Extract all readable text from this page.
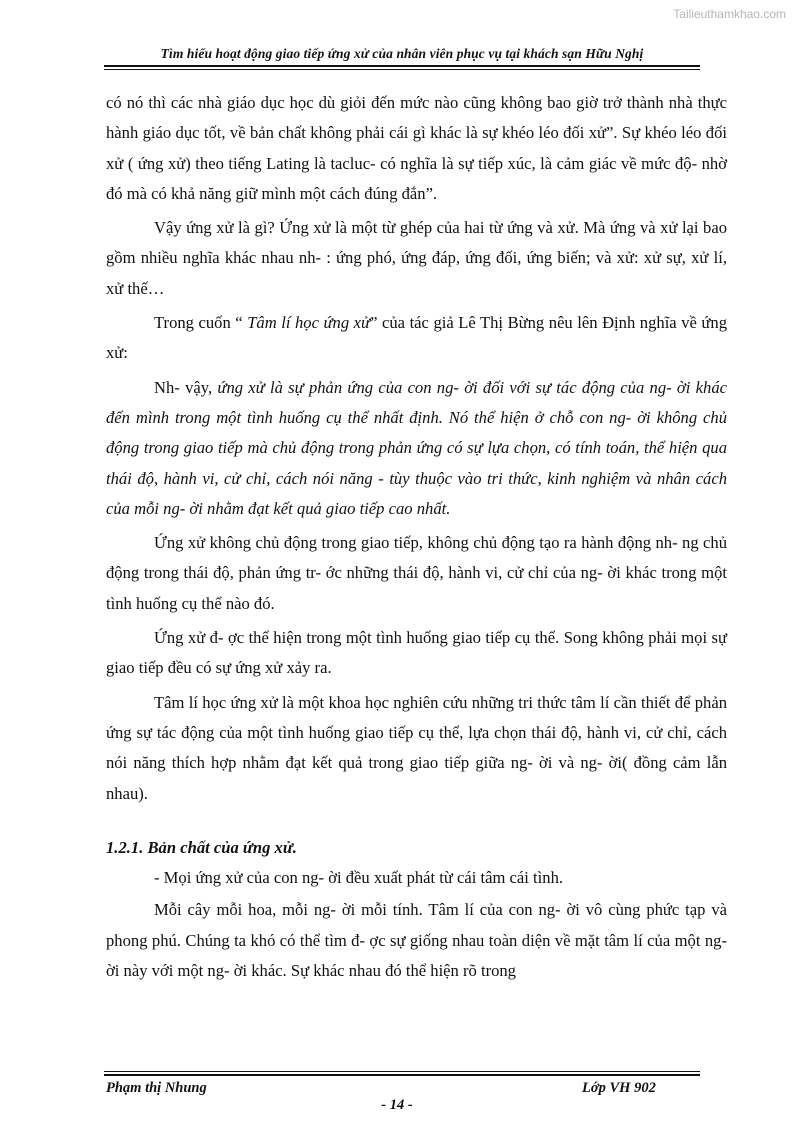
Tailieuthamkhao.com
Tìm hiểu hoạt động giao tiếp ứng xử của nhân viên phục vụ tại khách sạn Hữu Nghị

có nó thì các nhà giáo dục học dù giỏi đến mức nào cũng không bao giờ trở thành nhà thực hành giáo dục tốt, về bản chất không phải cái gì khác là sự khéo léo đối xử”. Sự khéo léo đối xử ( ứng xử) theo tiếng Lating là tacluc- có nghĩa là sự tiếp xúc, là cảm giác về mức độ- nhờ đó mà có khả năng giữ mình một cách đúng đắn”.

Vậy ứng xử là gì? Ứng xử là một từ ghép của hai từ ứng và xử. Mà ứng và xử lại bao gồm nhiều nghĩa khác nhau nh- : ứng phó, ứng đáp, ứng đối, ứng biến; và xử: xử sự, xử lí, xử thế…

Trong cuốn “ Tâm lí học ứng xử” của tác giả Lê Thị Bừng nêu lên Định nghĩa về ứng xử:

Nh- vậy, ứng xử là sự phản ứng của con ng- ời đối với sự tác động của ng- ời khác đến mình trong một tình huống cụ thể nhất định. Nó thể hiện ở chỗ con ng- ời không chủ động trong giao tiếp mà chủ động trong phản ứng có sự lựa chọn, có tính toán, thể hiện qua thái độ, hành vi, cử chỉ, cách nói năng - tùy thuộc vào tri thức, kinh nghiệm và nhân cách của mỗi ng- ời nhằm đạt kết quả giao tiếp cao nhất.

Ứng xử không chủ động trong giao tiếp, không chủ động tạo ra hành động nh- ng chủ động trong thái độ, phản ứng tr- ớc những thái độ, hành vi, cử chỉ của ng- ời khác trong một tình huống cụ thể nào đó.

Ứng xử đ- ợc thể hiện trong một tình huống giao tiếp cụ thể. Song không phải mọi sự giao tiếp đều có sự ứng xử xảy ra.

Tâm lí học ứng xử là một khoa học nghiên cứu những tri thức tâm lí cần thiết để phản ứng sự tác động của một tình huống giao tiếp cụ thể, lựa chọn thái độ, hành vi, cử chỉ, cách nói năng thích hợp nhằm đạt kết quả trong giao tiếp giữa ng- ời và ng- ời( đồng cảm lẫn nhau).

1.2.1. Bản chất của ứng xử.

- Mọi ứng xử của con ng- ời đều xuất phát từ cái tâm cái tình.

Mỗi cây mỗi hoa, mỗi ng- ời mỗi tính. Tâm lí của con ng- ời vô cùng phức tạp và phong phú. Chúng ta khó có thể tìm đ- ợc sự giống nhau toàn diện về mặt tâm lí của một ng- ời này với một ng- ời khác. Sự khác nhau đó thể hiện rõ trong

Phạm thị Nhung	Lớp VH 902
- 14 -
